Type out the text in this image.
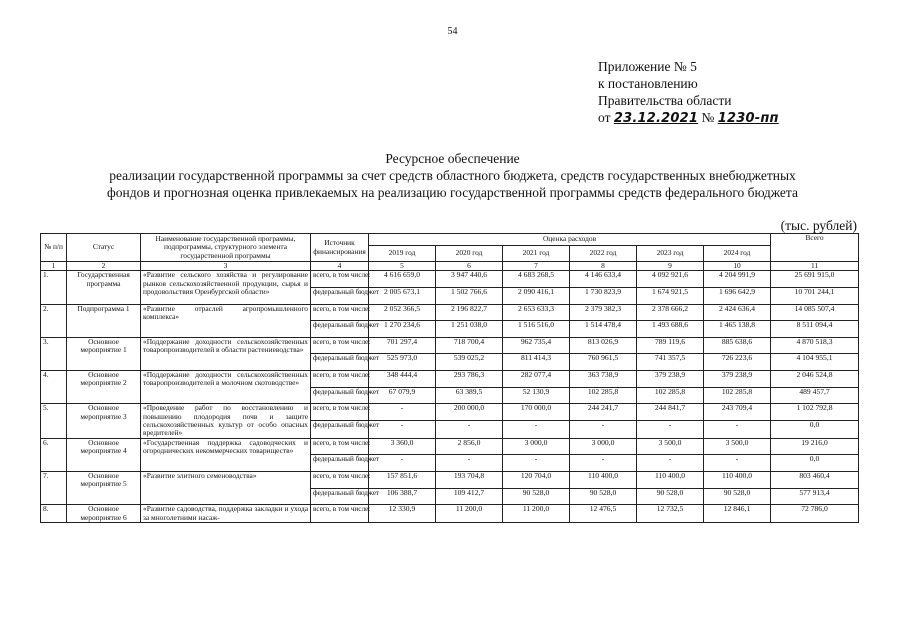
54
Приложение № 5
к постановлению
Правительства области
от 23.12.2021 № 1230-пп
Ресурсное обеспечение
реализации государственной программы за счет средств областного бюджета, средств государственных внебюджетных
фондов и прогнозная оценка привлекаемых на реализацию государственной программы средств федерального бюджета
(тыс. рублей)
№ п/п	Статус	Наименование государственной программы, подпрограммы, структурного элемента государственной программы	Источник финансирования	Оценка расходов						Всего
				2019 год	2020 год	2021 год	2022 год	2023 год	2024 год	
1	2	3	4	5	6	7	8	9	10	11
1.	Государственная программа	«Развитие сельского хозяйства и регулирование рынков сельскохозяйственной продукции, сырья и продовольствия Оренбургской области»	всего, в том числе:	4 616 659,0	3 947 440,6	4 683 268,5	4 146 633,4	4 092 921,6	4 204 991,9	25 691 915,0
			федеральный бюджет	2 005 673,1	1 502 766,6	2 090 416,1	1 730 823,9	1 674 921,5	1 696 642,9	10 701 244,1
2.	Подпрограмма 1	«Развитие отраслей агропромышленного комплекса»	всего, в том числе:	2 052 366,5	2 196 822,7	2 653 633,3	2 379 382,3	2 378 666,2	2 424 636,4	14 085 507,4
			федеральный бюджет	1 270 234,6	1 251 038,0	1 516 516,0	1 514 478,4	1 493 688,6	1 465 138,8	8 511 094,4
3.	Основное мероприятие 1	«Поддержание доходности сельскохозяйственных товаропроизводителей в области растениеводства»	всего, в том числе:	701 297,4	718 700,4	962 735,4	813 026,9	789 119,6	885 638,6	4 870 518,3
			федеральный бюджет	525 973,0	539 025,2	811 414,3	760 961,5	741 357,5	726 223,6	4 104 955,1
4.	Основное мероприятие 2	«Поддержание доходности сельскохозяйственных товаропроизводителей в молочном скотоводстве»	всего, в том числе:	348 444,4	293 786,3	282 077,4	363 738,9	379 238,9	379 238,9	2 046 524,8
			федеральный бюджет	67 079,9	63 389,5	52 130,9	102 285,8	102 285,8	102 285,8	489 457,7
5.	Основное мероприятие 3	«Проведение работ по восстановлению и повышению плодородия почв и защите сельскохозяйственных культур от особо опасных вредителей»	всего, в том числе:	-	200 000,0	170 000,0	244 241,7	244 841,7	243 709,4	1 102 792,8
			федеральный бюджет	-	-	-	-	-	-	0,0
6.	Основное мероприятие 4	«Государственная поддержка садоводческих и огороднических некоммерческих товариществ»	всего, в том числе:	3 360,0	2 856,0	3 000,0	3 000,0	3 500,0	3 500,0	19 216,0
			федеральный бюджет	-	-	-	-	-	-	0,0
7.	Основное мероприятие 5	«Развитие элитного семеноводства»	всего, в том числе:	157 851,6	193 704,8	120 704,0	110 400,0	110 400,0	110 400,0	803 460,4
			федеральный бюджет	106 388,7	109 412,7	90 528,0	90 528,0	90 528,0	90 528,0	577 913,4
8.	Основное мероприятие 6	«Развитие садоводства, поддержка закладки и ухода за многолетними насаж-	всего, в том числе:	12 330,9	11 200,0	11 200,0	12 476,5	12 732,5	12 846,1	72 786,0
